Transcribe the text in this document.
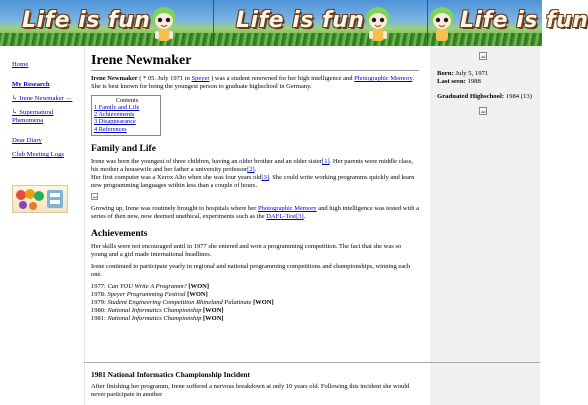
Life is fun	Life is fun	Life is fun
Home
My Research
↳ Irene Newmaker ←
↳ Supernatural Phenomena
Dear Diary
Club Meeting Logs
Born: July 5, 1971
Last seen: 1988
Graduated Highschool: 1984 (13)
Irene Newmaker

Irene Newmaker ( * 05. July 1971 in Speyer ) was a student renowned for her high intelligence and Photographic Memory. She is best known for being the youngest person to graduate highschool in Germany.

Contents
1 Family and Life
2 Achievements
3 Disappearance
4 References
Family and Life

Irene was born the youngest of three children, having an older brother and an older sister[1]. Her parents were middle class, his mother a housewife and her father a university professor[2].
Her first computer was a Xerox Alto when she was four years old[3]. She could write working programms quickly and learn new programming languages within less than a couple of hours.

Growing up, Irene was routinely brought to hospitals where her Photographic Memory and high intelligence was tested with a series of then new, now deemed unethical, experiments such as the DAFL-Test[3].

Achievements

Her skills were not encouraged until in 1977 she entered and won a programming competition. The fact that she was so young and a girl made international headlines.

Irene continued to participate yearly in regional and national programming competitions and championships, winning each one.

1977: Can YOU Write A Programm? [WON]
1978: Speyer Programming Festival [WON]
1979: Student Engineering Competition Rhineland Palatinate [WON]
1980: National Informatics Championship [WON]
1981: National Informatics Championship [WON]
1981 National Informatics Championship Incident

After finishing her programm, Irene suffered a nervous breakdown at only 10 years old. Following this incident she would never participate in another
